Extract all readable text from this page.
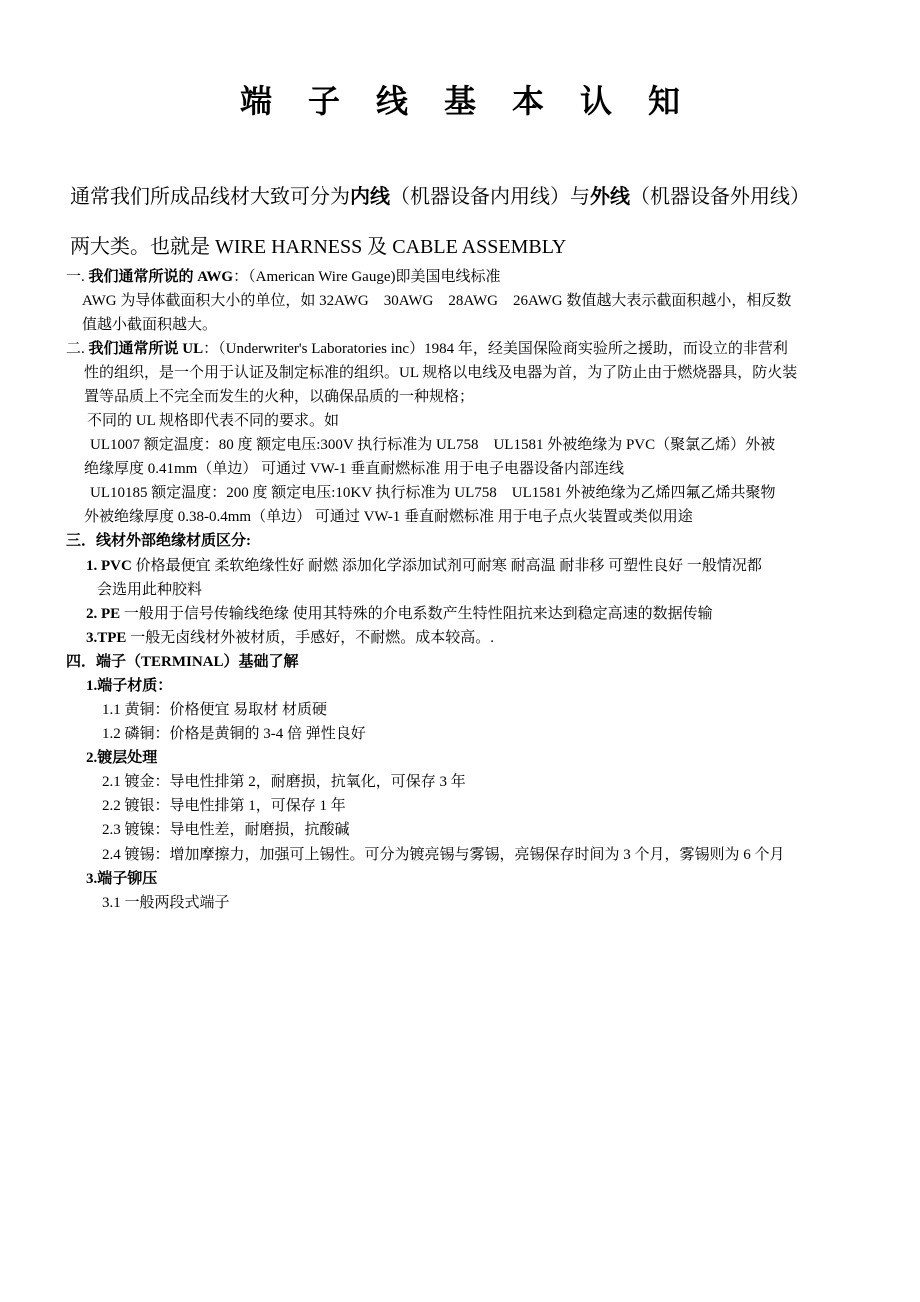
端 子 线 基 本 认 知
通常我们所成品线材大致可分为内线（机器设备内用线）与外线（机器设备外用线）
两大类。也就是 WIRE HARNESS 及 CABLE ASSEMBLY
一. 我们通常所说的 AWG：（American Wire Gauge)即美国电线标准
AWG 为导体截面积大小的单位，如 32AWG　30AWG　28AWG　26AWG 数值越大表示截面积越小，相反数
值越小截面积越大。
二. 我们通常所说 UL：（Underwriter's Laboratories inc）1984 年，经美国保险商实验所之援助，而设立的非营利
性的组织，是一个用于认证及制定标准的组织。UL 规格以电线及电器为首，为了防止由于燃烧器具，防火装
置等品质上不完全而发生的火种，以确保品质的一种规格；
不同的 UL 规格即代表不同的要求。如
UL1007 额定温度：80 度 额定电压:300V 执行标准为 UL758　UL1581 外被绝缘为 PVC（聚氯乙烯）外被
绝缘厚度 0.41mm（单边） 可通过 VW-1 垂直耐燃标准 用于电子电器设备内部连线
UL10185 额定温度：200 度 额定电压:10KV 执行标准为 UL758　UL1581 外被绝缘为乙烯四氟乙烯共聚物
外被绝缘厚度 0.38-0.4mm（单边） 可通过 VW-1 垂直耐燃标准 用于电子点火装置或类似用途
三．线材外部绝缘材质区分:
1. PVC 价格最便宜 柔软绝缘性好 耐燃 添加化学添加试剂可耐寒 耐高温 耐非移 可塑性良好 一般情况都
会选用此种胶料
2. PE 一般用于信号传输线绝缘 使用其特殊的介电系数产生特性阻抗来达到稳定高速的数据传输
3.TPE 一般无卤线材外被材质，手感好，不耐燃。成本较高。.
四．端子（TERMINAL）基础了解
1.端子材质：
1.1 黄铜：价格便宜 易取材 材质硬
1.2 磷铜：价格是黄铜的 3-4 倍 弹性良好
2.镀层处理
2.1 镀金：导电性排第 2，耐磨损，抗氧化，可保存 3 年
2.2 镀银：导电性排第 1，可保存 1 年
2.3 镀镍：导电性差，耐磨损，抗酸碱
2.4 镀锡：增加摩擦力，加强可上锡性。可分为镀亮锡与雾锡，亮锡保存时间为 3 个月，雾锡则为 6 个月
3.端子铆压
3.1 一般两段式端子
